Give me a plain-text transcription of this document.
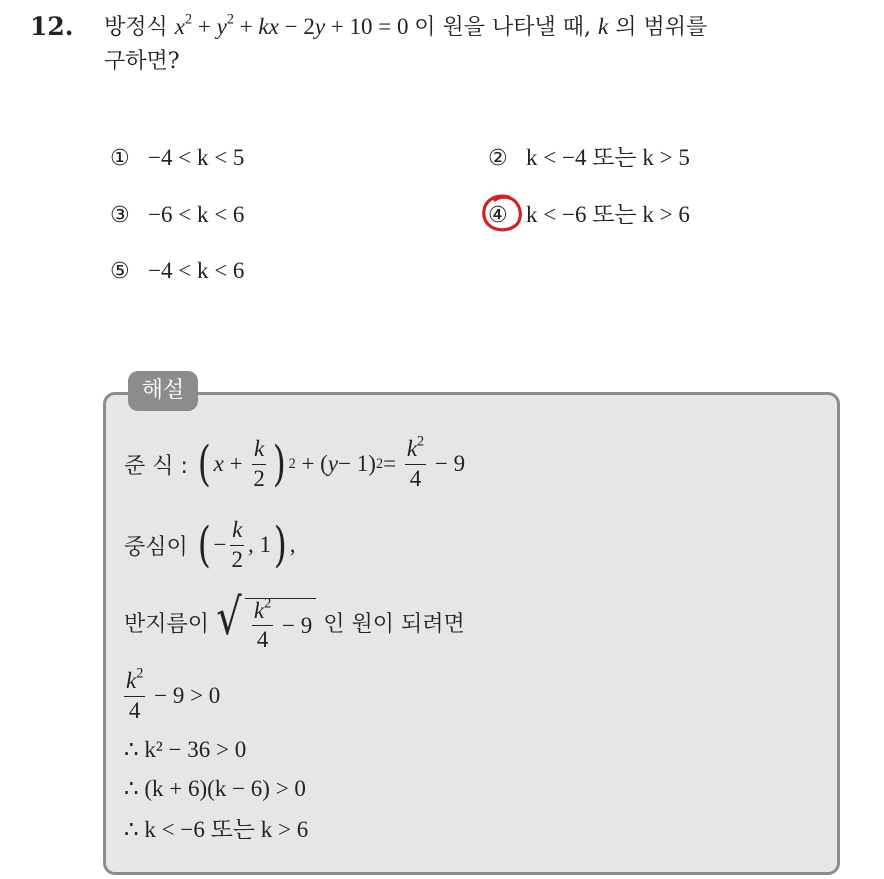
12. 방정식 $x^2 + y^2$ + kx − 2y + 10 = 0 이 원을 나타낼 때, k 의 범위를
구하면?
① −4 < k < 5	② k < −4 또는 k > 5
③ −6 < k < 6	④ k < −6 또는 k > 6
⑤ −4 < k < 6
해설
준 식 :
( $x + \frac{k}{2}$ ) 2 + ( y − 1) $2 = \frac{k^2}{4} - 9$
중심이
( − $\frac{k}{2}$ , 1 ) ,
반지름이 √ $\frac{k^2}{4} - 9$
인 원이 되려면
$\frac{k^2}{4} - 9 > 0$
∴ k² − 36 > 0
∴ (k + 6)(k − 6) > 0
∴ k < −6 또는 k > 6
